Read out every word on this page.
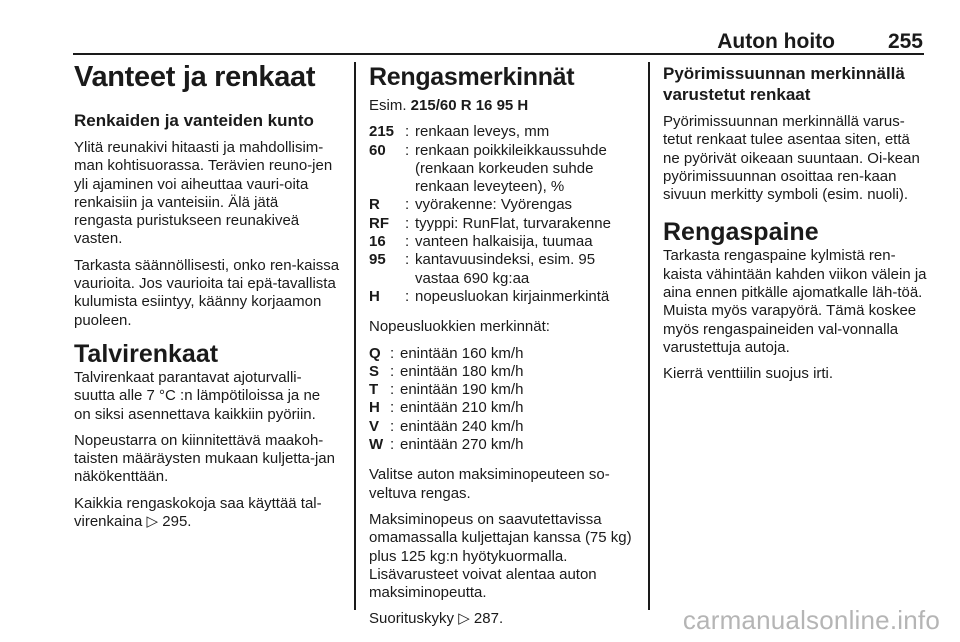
Auton hoito	255
Vanteet ja renkaat
Renkaiden ja vanteiden kunto

Ylitä reunakivi hitaasti ja mahdollisim-man kohtisuorassa. Terävien reuno-jen yli ajaminen voi aiheuttaa vauri-oita renkaisiin ja vanteisiin. Älä jätä rengasta puristukseen reunakiveä vasten.

Tarkasta säännöllisesti, onko ren-kaissa vaurioita. Jos vaurioita tai epä-tavallista kulumista esiintyy, käänny korjaamon puoleen.

Talvirenkaat

Talvirenkaat parantavat ajoturvalli-suutta alle 7 °C :n lämpötiloissa ja ne on siksi asennettava kaikkiin pyöriin.

Nopeustarra on kiinnitettävä maakoh-taisten määräysten mukaan kuljetta-jan näkökenttään.

Kaikkia rengaskokoja saa käyttää tal-virenkaina ▷ 295.

Rengasmerkinnät
Esim. 215/60 R 16 95 H
215 : renkaan leveys, mm
60	: renkaan poikkileikkaussuhde (renkaan korkeuden suhde renkaan leveyteen), %
R	: vyörakenne: Vyörengas
RF	: tyyppi: RunFlat, turvarakenne
16	: vanteen halkaisija, tuumaa
95	: kantavuusindeksi, esim. 95 vastaa 690 kg:aa
H	: nopeusluokan kirjainmerkintä

Nopeusluokkien merkinnät:

Q : enintään 160 km/h
S : enintään 180 km/h
T : enintään 190 km/h
H : enintään 210 km/h
V : enintään 240 km/h
W : enintään 270 km/h

Valitse auton maksiminopeuteen so-veltuva rengas.

Maksiminopeus on saavutettavissa omamassalla kuljettajan kanssa (75 kg) plus 125 kg:n hyötykuormalla. Lisävarusteet voivat alentaa auton maksiminopeutta.

Suorituskyky ▷ 287.

Pyörimissuunnan merkinnällä varustetut renkaat

Pyörimissuunnan merkinnällä varus-tetut renkaat tulee asentaa siten, että ne pyörivät oikeaan suuntaan. Oi-kean pyörimissuunnan osoittaa ren-kaan sivuun merkitty symboli (esim. nuoli).

Rengaspaine

Tarkasta rengaspaine kylmistä ren-kaista vähintään kahden viikon välein ja aina ennen pitkälle ajomatkalle läh-töä. Muista myös varapyörä. Tämä koskee myös rengaspaineiden val-vonnalla varustettuja autoja.

Kierrä venttiilin suojus irti.

carmanualsonline.info
